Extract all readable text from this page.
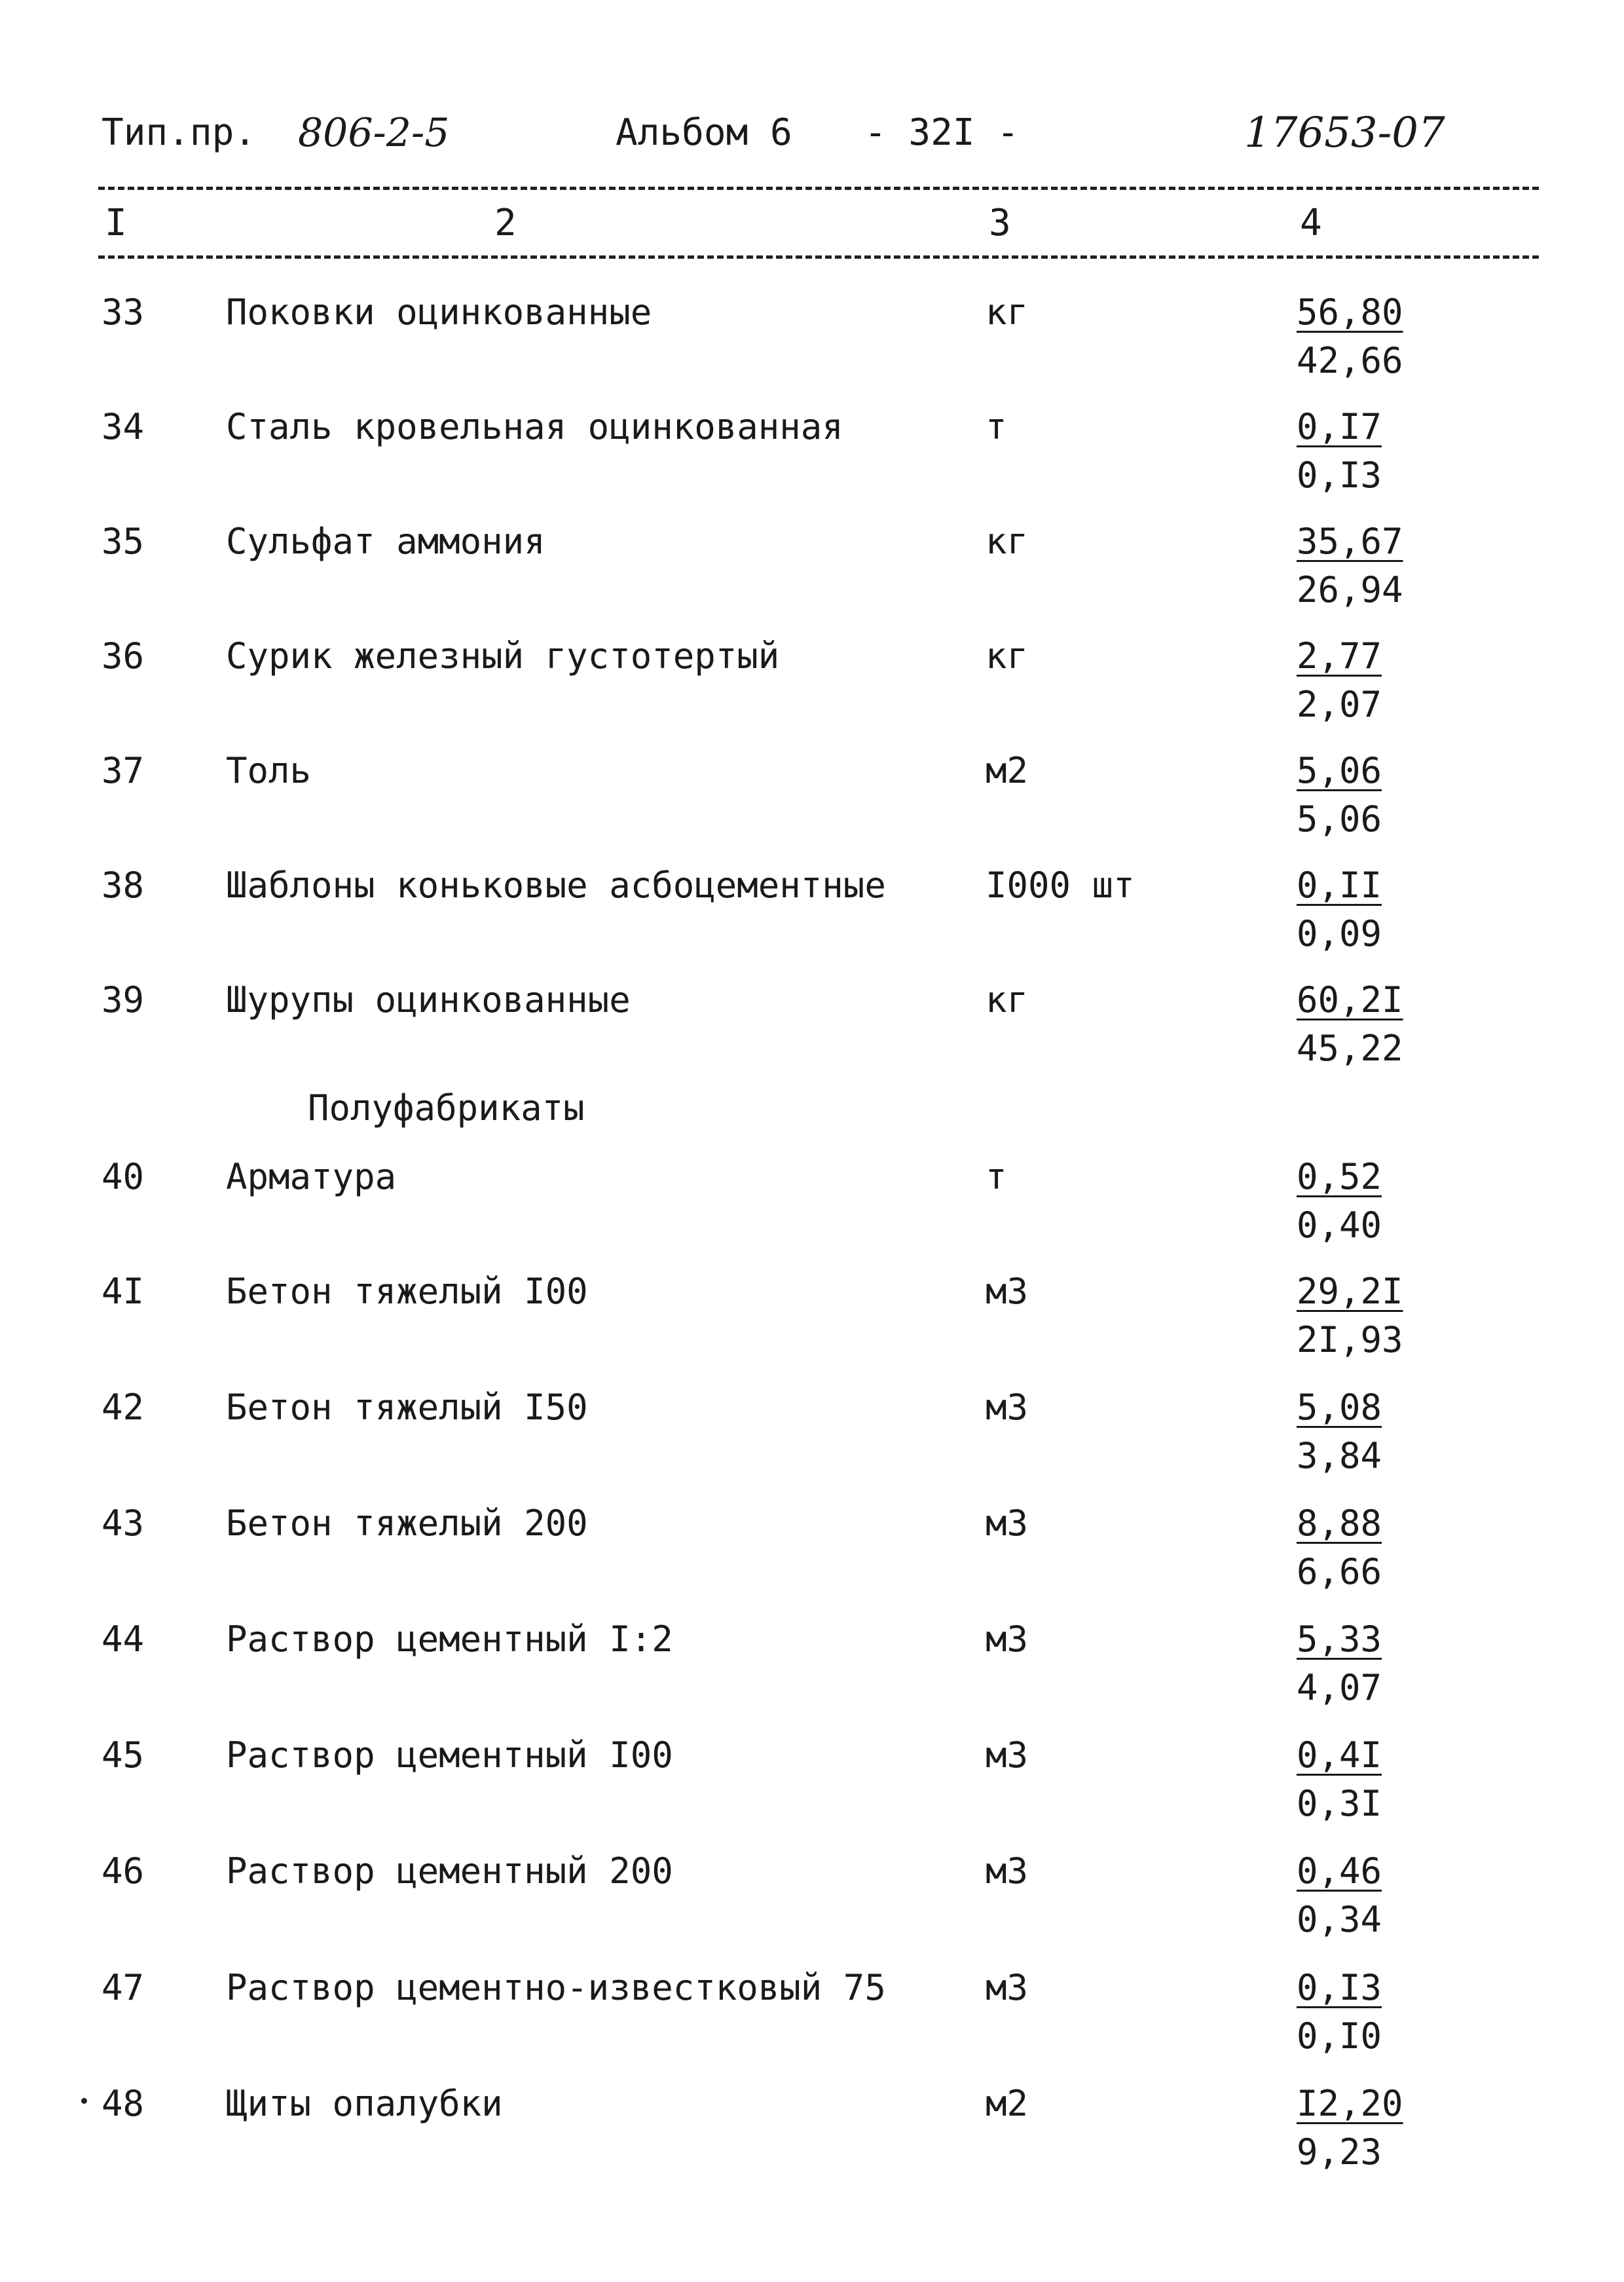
Тип.пр. 806-2-5	Альбом 6 - 32I -	17653-07
I	2	3	4
33 Поковки оцинкованные	кг	56,80
42,66
34 Сталь кровельная оцинкованная	т	0,I7
0,I3
35 Сульфат аммония	кг	35,67
26,94
36 Сурик железный густотертый	кг	2,77
2,07
37 Толь	м2	5,06
5,06
38 Шаблоны коньковые асбоцементные	I000 шт	0,II
0,09
39 Шурупы оцинкованные	кг	60,2I
45,22
Полуфабрикаты
40 Арматура	т	0,52
0,40
4I Бетон тяжелый I00	м3	29,2I
2I,93
42 Бетон тяжелый I50	м3	5,08
3,84
43 Бетон тяжелый 200	м3	8,88
6,66
44 Раствор цементный I:2	м3	5,33
4,07
45 Раствор цементный I00	м3	0,4I
0,3I
46 Раствор цементный 200	м3	0,46
0,34
47 Раствор цементно-известковый 75	м3	0,I3
0,I0
48 Щиты опалубки	м2	I2,20
9,23
